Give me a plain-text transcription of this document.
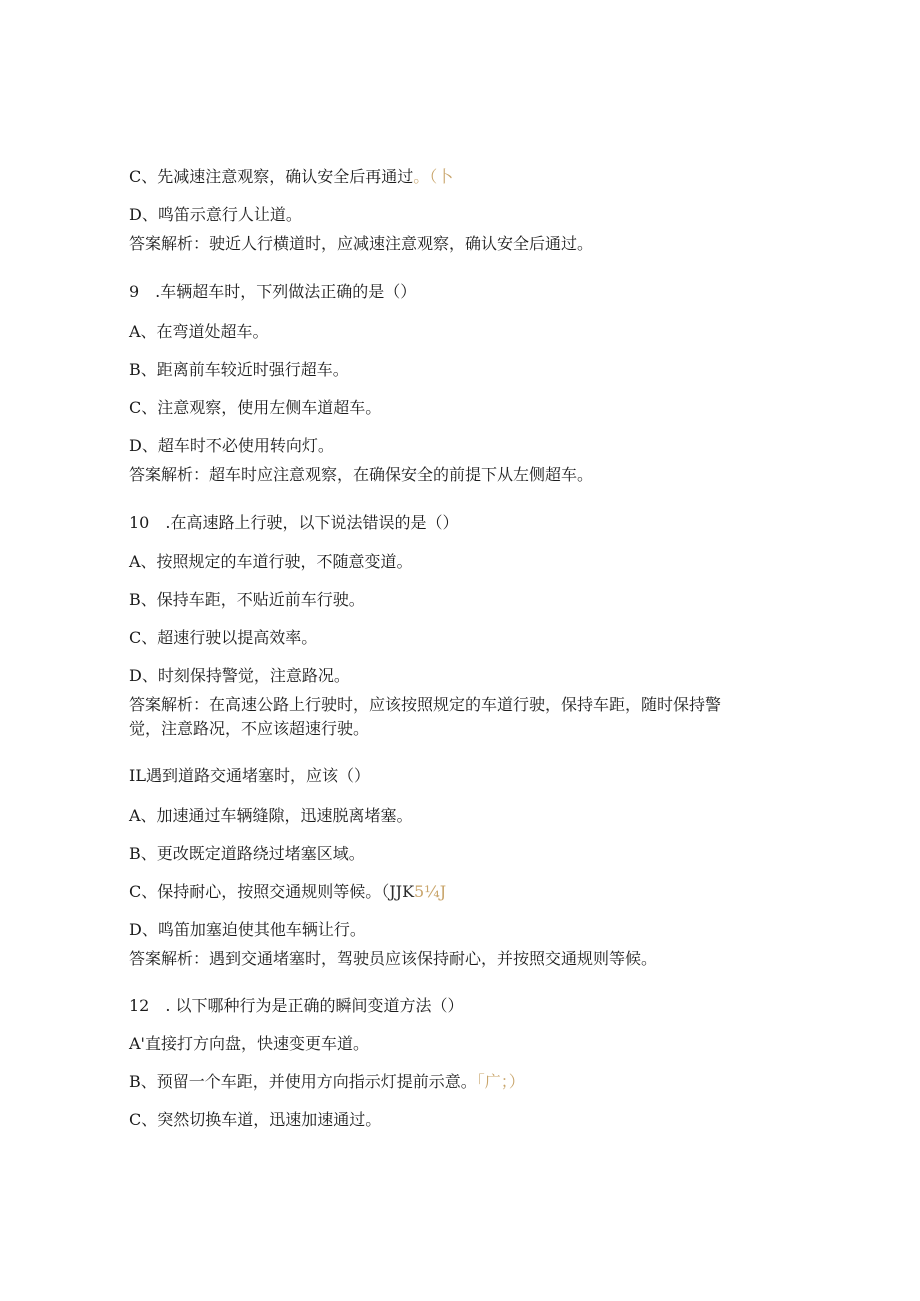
C、先减速注意观察，确认安全后再通过。（卜
D、鸣笛示意行人让道。
答案解析：驶近人行横道时，应减速注意观察，确认安全后通过。
9　.车辆超车时，下列做法正确的是（）
A、在弯道处超车。
B、距离前车较近时强行超车。
C、注意观察，使用左侧车道超车。
D、超车时不必使用转向灯。
答案解析：超车时应注意观察，在确保安全的前提下从左侧超车。
10　.在高速路上行驶，以下说法错误的是（）
A、按照规定的车道行驶，不随意变道。
B、保持车距，不贴近前车行驶。
C、超速行驶以提高效率。
D、时刻保持警觉，注意路况。
答案解析：在高速公路上行驶时，应该按照规定的车道行驶，保持车距，随时保持警
觉，注意路况，不应该超速行驶。
IL遇到道路交通堵塞时，应该（）
A、加速通过车辆缝隙，迅速脱离堵塞。
B、更改既定道路绕过堵塞区域。
C、保持耐心，按照交通规则等候。（JJK5¼J
D、鸣笛加塞迫使其他车辆让行。
答案解析：遇到交通堵塞时，驾驶员应该保持耐心，并按照交通规则等候。
12　. 以下哪种行为是正确的瞬间变道方法（）
A'直接打方向盘，快速变更车道。
B、预留一个车距，并使用方向指示灯提前示意。「广；）
C、突然切换车道，迅速加速通过。
